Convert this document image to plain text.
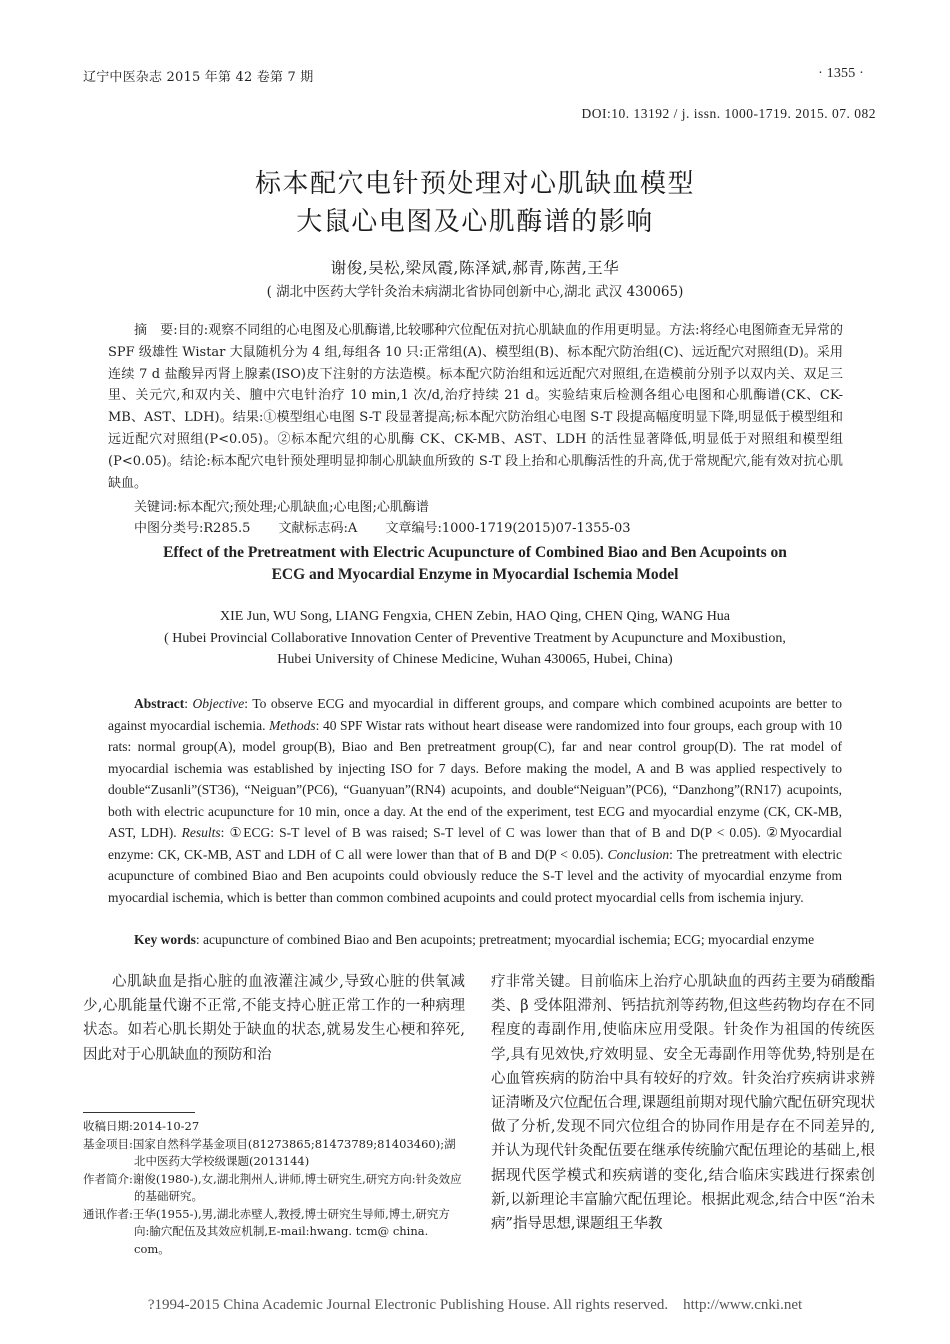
辽宁中医杂志 2015 年第 42 卷第 7 期	· 1355 ·
DOI:10. 13192 / j. issn. 1000-1719. 2015. 07. 082
标本配穴电针预处理对心肌缺血模型
大鼠心电图及心肌酶谱的影响
谢俊,吴松,梁凤霞,陈泽斌,郝青,陈茜,王华
( 湖北中医药大学针灸治未病湖北省协同创新中心,湖北 武汉 430065)
摘　要:目的:观察不同组的心电图及心肌酶谱,比较哪种穴位配伍对抗心肌缺血的作用更明显。方法:将经心电图筛查无异常的 SPF 级雄性 Wistar 大鼠随机分为 4 组,每组各 10 只:正常组(A)、模型组(B)、标本配穴防治组(C)、远近配穴对照组(D)。采用连续 7 d 盐酸异丙肾上腺素(ISO)皮下注射的方法造模。标本配穴防治组和远近配穴对照组,在造模前分别予以双内关、双足三里、关元穴,和双内关、膻中穴电针治疗 10 min,1 次/d,治疗持续 21 d。实验结束后检测各组心电图和心肌酶谱(CK、CK-MB、AST、LDH)。结果:①模型组心电图 S-T 段显著提高;标本配穴防治组心电图 S-T 段提高幅度明显下降,明显低于模型组和远近配穴对照组(P<0.05)。②标本配穴组的心肌酶 CK、CK-MB、AST、LDH 的活性显著降低,明显低于对照组和模型组(P<0.05)。结论:标本配穴电针预处理明显抑制心肌缺血所致的 S-T 段上抬和心肌酶活性的升高,优于常规配穴,能有效对抗心肌缺血。
关键词:标本配穴;预处理;心肌缺血;心电图;心肌酶谱
中图分类号:R285.5 文献标志码:A 文章编号:1000-1719(2015)07-1355-03
Effect of the Pretreatment with Electric Acupuncture of Combined Biao and Ben Acupoints on
ECG and Myocardial Enzyme in Myocardial Ischemia Model
XIE Jun, WU Song, LIANG Fengxia, CHEN Zebin, HAO Qing, CHEN Qing, WANG Hua
( Hubei Provincial Collaborative Innovation Center of Preventive Treatment by Acupuncture and Moxibustion,
Hubei University of Chinese Medicine, Wuhan 430065, Hubei, China)
Abstract: Objective: To observe ECG and myocardial in different groups, and compare which combined acupoints are better to against myocardial ischemia. Methods: 40 SPF Wistar rats without heart disease were randomized into four groups, each group with 10 rats: normal group(A), model group(B), Biao and Ben pretreatment group(C), far and near control group(D). The rat model of myocardial ischemia was established by injecting ISO for 7 days. Before making the model, A and B was applied respectively to double“Zusanli”(ST36), “Neiguan”(PC6), “Guanyuan”(RN4) acupoints, and double“Neiguan”(PC6), “Danzhong”(RN17) acupoints, both with electric acupuncture for 10 min, once a day. At the end of the experiment, test ECG and myocardial enzyme (CK, CK-MB, AST, LDH). Results: ①ECG: S-T level of B was raised; S-T level of C was lower than that of B and D(P < 0.05). ②Myocardial enzyme: CK, CK-MB, AST and LDH of C all were lower than that of B and D(P < 0.05). Conclusion: The pretreatment with electric acupuncture of combined Biao and Ben acupoints could obviously reduce the S-T level and the activity of myocardial enzyme from myocardial ischemia, which is better than common combined acupoints and could protect myocardial cells from ischemia injury.
Key words: acupuncture of combined Biao and Ben acupoints; pretreatment; myocardial ischemia; ECG; myocardial enzyme
心肌缺血是指心脏的血液灌注减少,导致心脏的供氧减少,心肌能量代谢不正常,不能支持心脏正常工作的一种病理状态。如若心肌长期处于缺血的状态,就易发生心梗和猝死,因此对于心肌缺血的预防和治
疗非常关键。目前临床上治疗心肌缺血的西药主要为硝酸酯类、β 受体阻滞剂、钙拮抗剂等药物,但这些药物均存在不同程度的毒副作用,使临床应用受限。针灸作为祖国的传统医学,具有见效快,疗效明显、安全无毒副作用等优势,特别是在心血管疾病的防治中具有较好的疗效。针灸治疗疾病讲求辨证清晰及穴位配伍合理,课题组前期对现代腧穴配伍研究现状做了分析,发现不同穴位组合的协同作用是存在不同差异的,并认为现代针灸配伍要在继承传统腧穴配伍理论的基础上,根据现代医学模式和疾病谱的变化,结合临床实践进行探索创新,以新理论丰富腧穴配伍理论。根据此观念,结合中医“治未病”指导思想,课题组王华教
收稿日期:2014-10-27
基金项目:国家自然科学基金项目(81273865;81473789;81403460);湖北中医药大学校级课题(2013144)
作者简介:谢俊(1980-),女,湖北荆州人,讲师,博士研究生,研究方向:针灸效应的基础研究。
通讯作者:王华(1955-),男,湖北赤壁人,教授,博士研究生导师,博士,研究方向:腧穴配伍及其效应机制,E-mail:hwang. tcm@ china. com。
?1994-2015 China Academic Journal Electronic Publishing House. All rights reserved.    http://www.cnki.net
